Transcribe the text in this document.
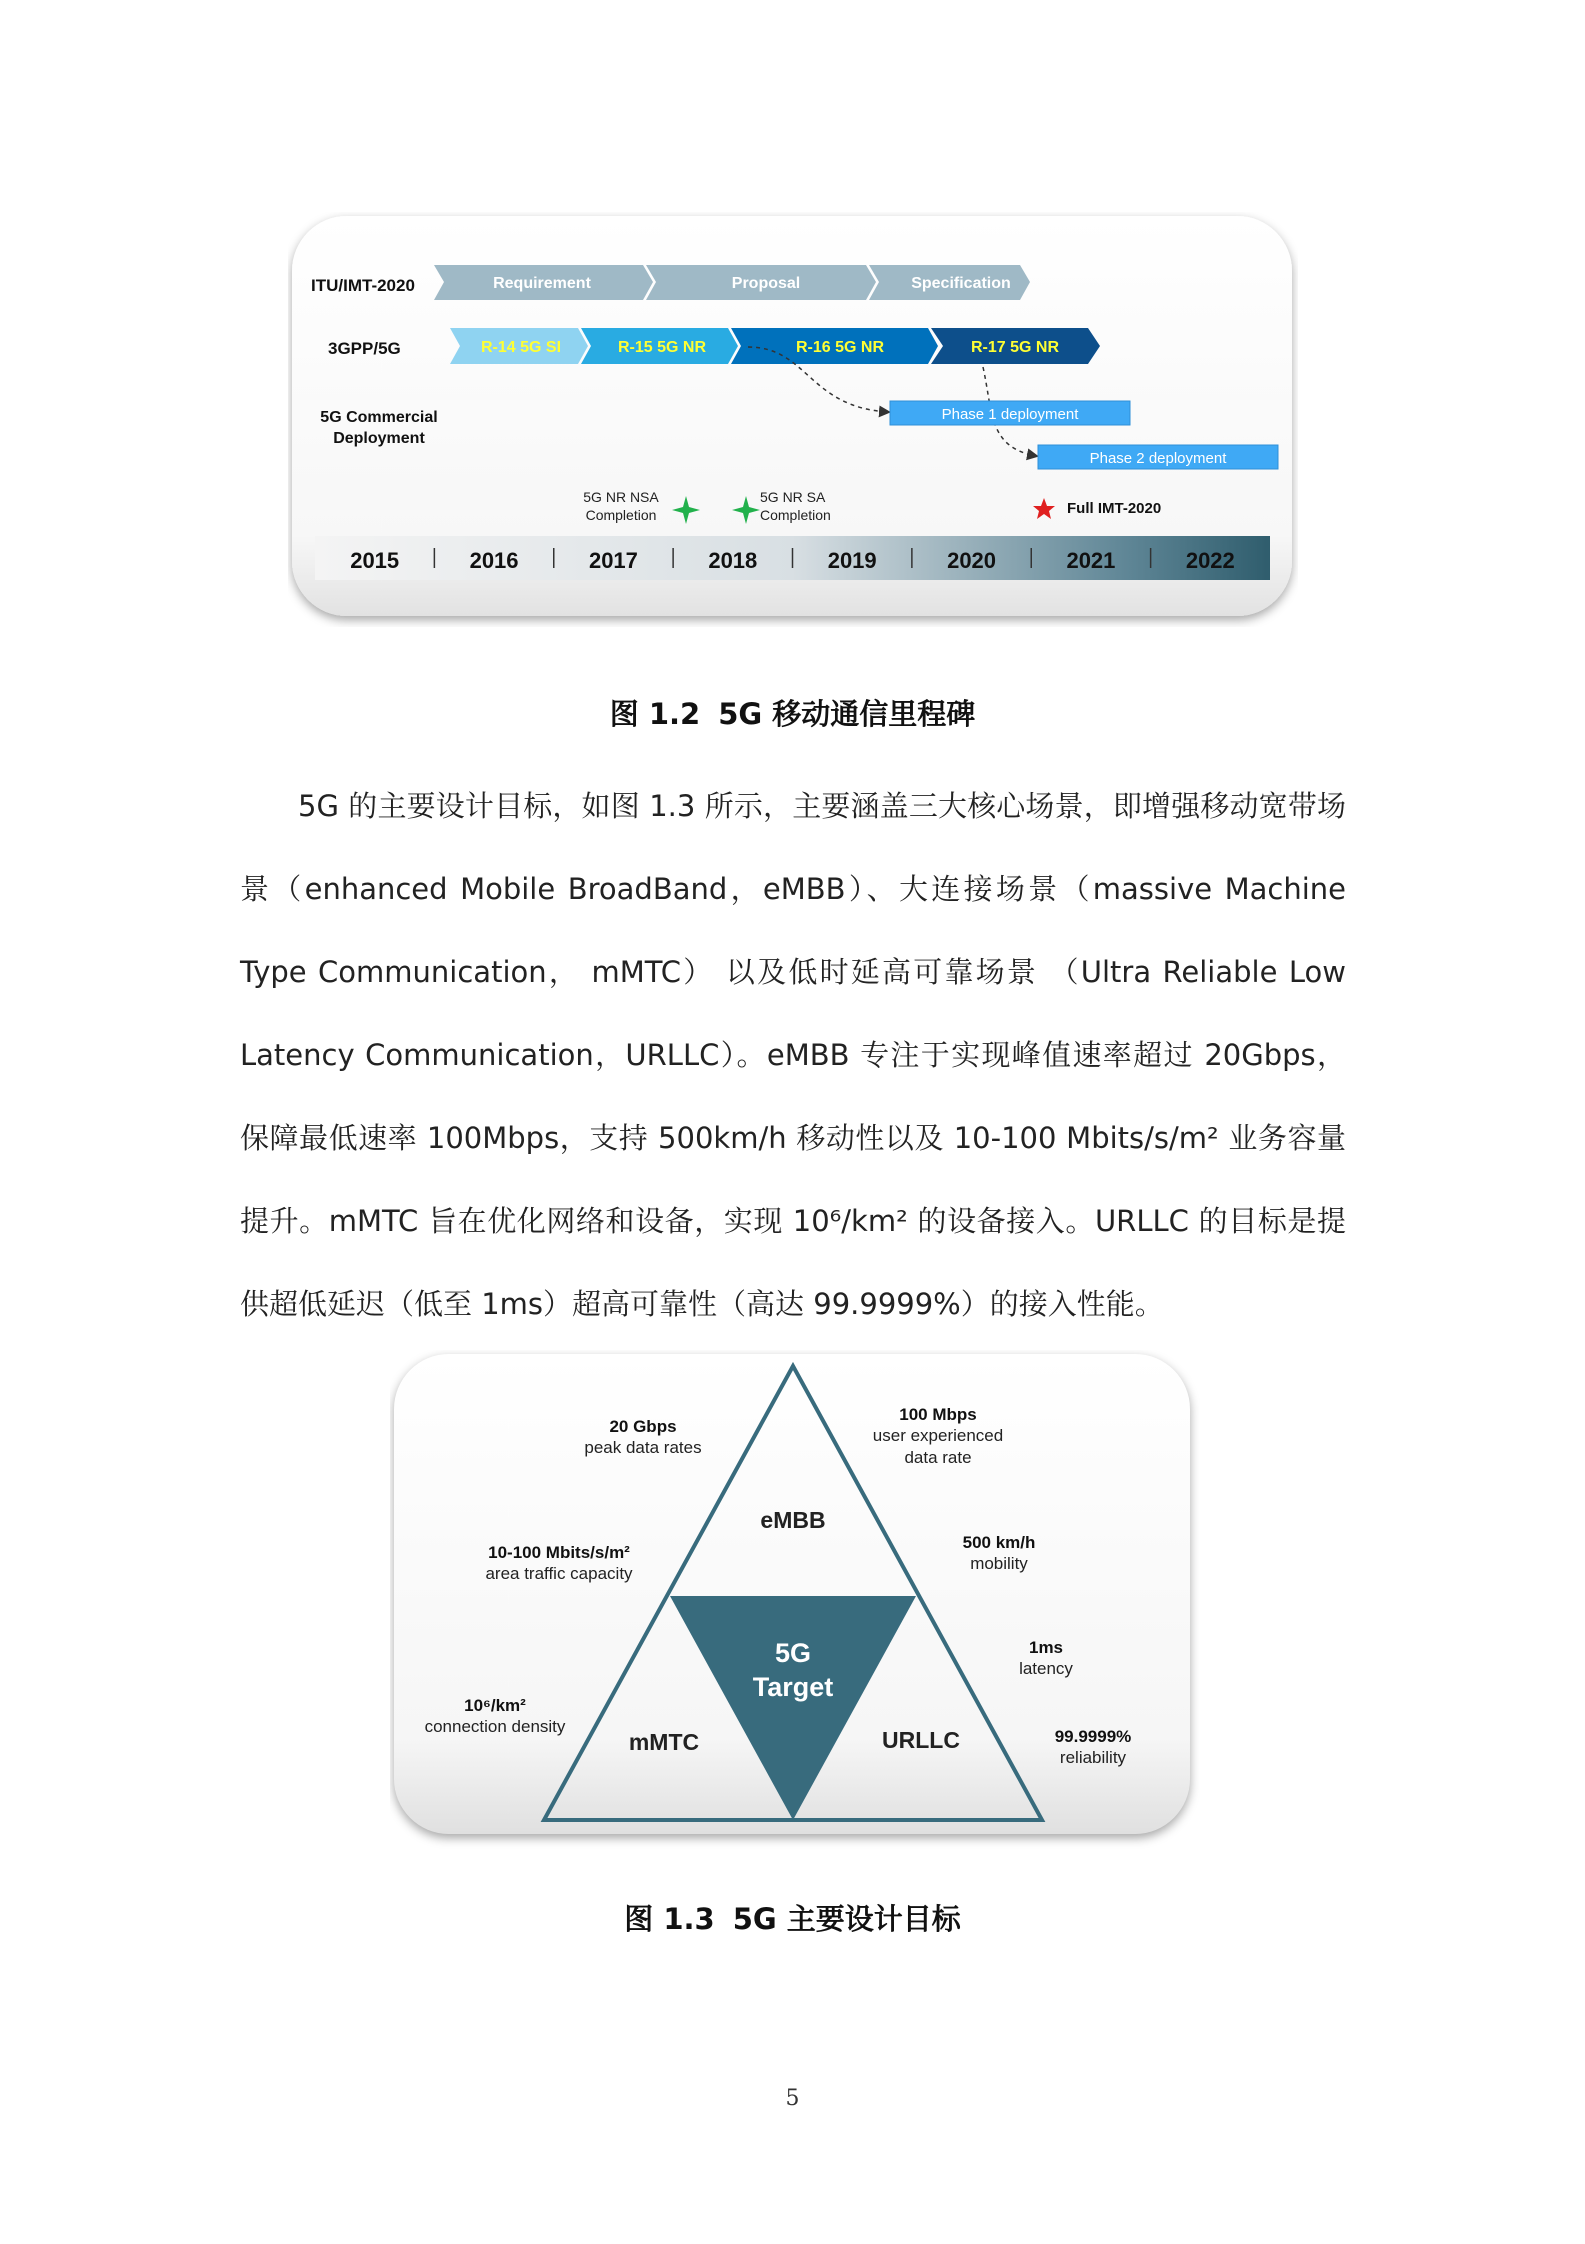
ITU/IMT-2020
3GPP/5G
5G Commercial
Deployment
Requirement	Proposal	Specification
R-14 5G SI	R-15 5G NR	R-16 5G NR	R-17 5G NR
Phase 1 deployment
Phase 2 deployment
5G NR NSA
Completion
5G NR SA
Completion	Full IMT-2020
2015	2016	2017	2018	2019	2020	2021	2022
图 1.2 5G 移动通信里程碑

5G 的主要设计目标，如图 1.3 所示，主要涵盖三大核心场景，即增强移动宽带场景（enhanced Mobile BroadBand，eMBB）、大连接场景（massive Machine Type Communication， mMTC） 以及低时延高可靠场景 （Ultra Reliable Low Latency Communication，URLLC）。eMBB 专注于实现峰值速率超过 20Gbps，保障最低速率 100Mbps，支持 500km/h 移动性以及 10-100 Mbits/s/m² 业务容量提升。mMTC 旨在优化网络和设备，实现 10⁶/km² 的设备接入。URLLC 的目标是提供超低延迟（低至 1ms）超高可靠性（高达 99.9999%）的接入性能。

5G
Target
eMBB
mMTC	URLLC
20 Gbps
peak data rates
100 Mbps
user experienced
data rate
10-100 Mbits/s/m²
area traffic capacity
500 km/h
mobility
1ms
latency
10⁶/km²
connection density
99.9999%
reliability
图 1.3 5G 主要设计目标
5
